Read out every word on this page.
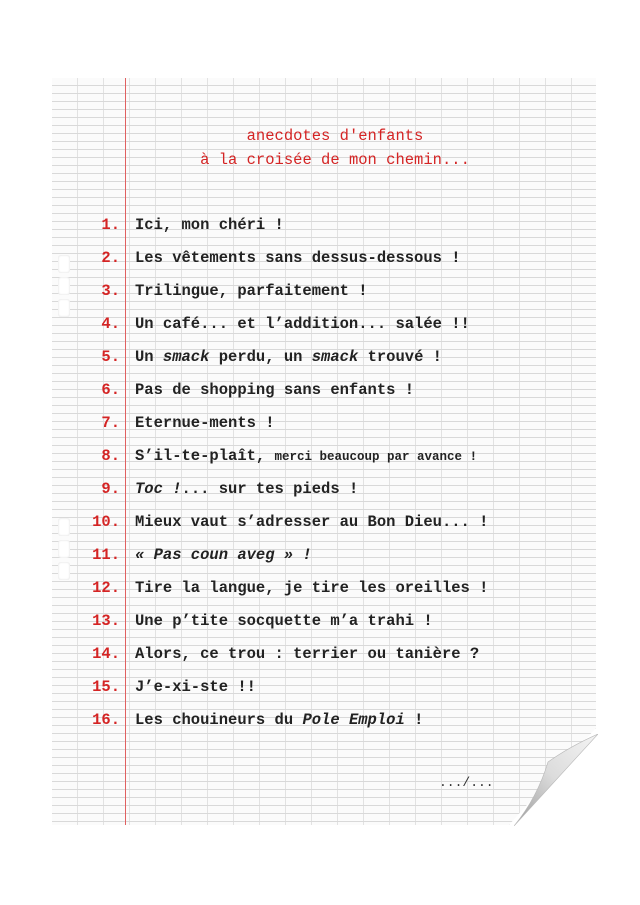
anecdotes d'enfants
à la croisée de mon chemin...
1. Ici, mon chéri !
2. Les vêtements sans dessus-dessous !
3. Trilingue, parfaitement !
4. Un café... et l’addition... salée !!
5. Un smack perdu, un smack trouvé !
6. Pas de shopping sans enfants !
7. Eternue-ments !
8. S’il-te-plaît, merci beaucoup par avance !
9. Toc !... sur tes pieds !
10. Mieux vaut s’adresser au Bon Dieu... !
11. « Pas coun aveg » !
12. Tire la langue, je tire les oreilles !
13. Une p’tite socquette m’a trahi !
14. Alors, ce trou : terrier ou tanière ?
15. J’e-xi-ste !!
16. Les chouineurs du Pole Emploi !
.../...
